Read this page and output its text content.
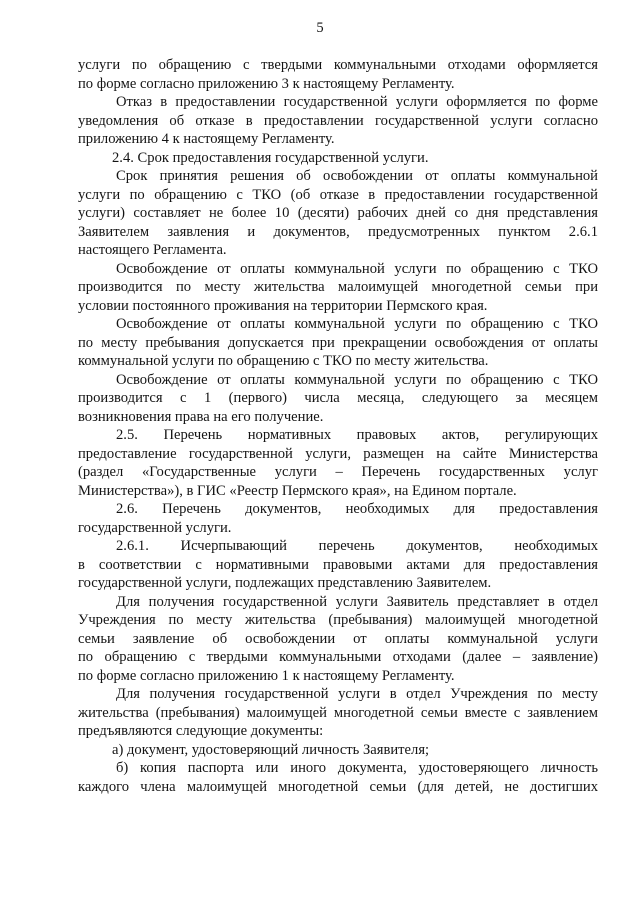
5
услуги по обращению с твердыми коммунальными отходами оформляется
по форме согласно приложению 3 к настоящему Регламенту.
Отказ в предоставлении государственной услуги оформляется по форме
уведомления об отказе в предоставлении государственной услуги согласно
приложению 4 к настоящему Регламенту.
2.4. Срок предоставления государственной услуги.
Срок принятия решения об освобождении от оплаты коммунальной
услуги по обращению с ТКО (об отказе в предоставлении государственной
услуги) составляет не более 10 (десяти) рабочих дней со дня представления
Заявителем заявления и документов, предусмотренных пунктом 2.6.1
настоящего Регламента.
Освобождение от оплаты коммунальной услуги по обращению с ТКО
производится по месту жительства малоимущей многодетной семьи при
условии постоянного проживания на территории Пермского края.
Освобождение от оплаты коммунальной услуги по обращению с ТКО
по месту пребывания допускается при прекращении освобождения от оплаты
коммунальной услуги по обращению с ТКО по месту жительства.
Освобождение от оплаты коммунальной услуги по обращению с ТКО
производится с 1 (первого) числа месяца, следующего за месяцем
возникновения права на его получение.
2.5. Перечень нормативных правовых актов, регулирующих
предоставление государственной услуги, размещен на сайте Министерства
(раздел «Государственные услуги – Перечень государственных услуг
Министерства»), в ГИС «Реестр Пермского края», на Едином портале.
2.6. Перечень документов, необходимых для предоставления
государственной услуги.
2.6.1. Исчерпывающий перечень документов, необходимых
в соответствии с нормативными правовыми актами для предоставления
государственной услуги, подлежащих представлению Заявителем.
Для получения государственной услуги Заявитель представляет в отдел
Учреждения по месту жительства (пребывания) малоимущей многодетной
семьи заявление об освобождении от оплаты коммунальной услуги
по обращению с твердыми коммунальными отходами (далее – заявление)
по форме согласно приложению 1 к настоящему Регламенту.
Для получения государственной услуги в отдел Учреждения по месту
жительства (пребывания) малоимущей многодетной семьи вместе с заявлением
предъявляются следующие документы:
а) документ, удостоверяющий личность Заявителя;
б) копия паспорта или иного документа, удостоверяющего личность
каждого члена малоимущей многодетной семьи (для детей, не достигших
